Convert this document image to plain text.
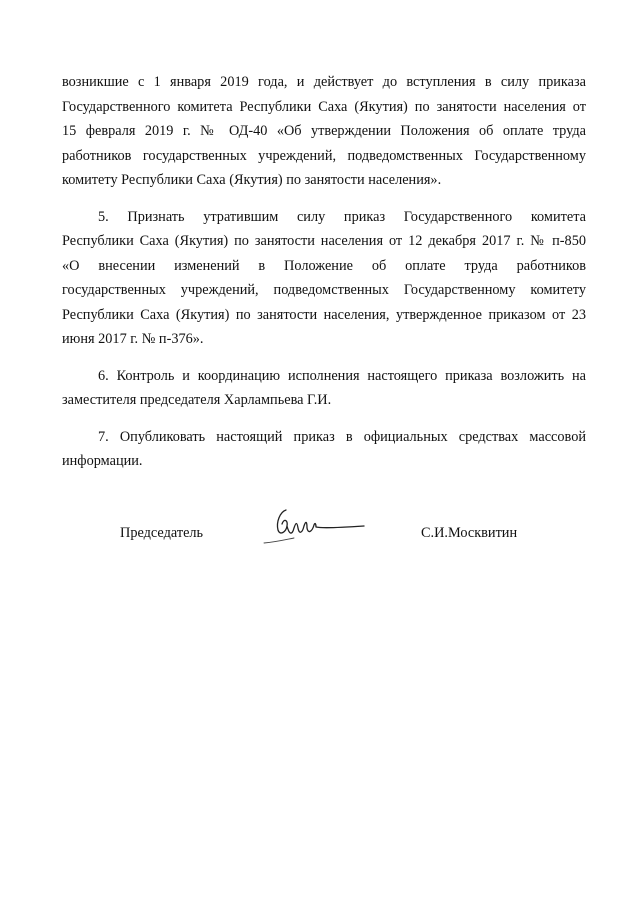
возникшие с 1 января 2019 года, и действует до вступления в силу приказа
Государственного комитета Республики Саха (Якутия) по занятости населения от
15 февраля 2019 г. № ОД-40 «Об утверждении Положения об оплате труда
работников государственных учреждений, подведомственных Государственному
комитету Республики Саха (Якутия) по занятости населения».
5. Признать утратившим силу приказ Государственного комитета
Республики Саха (Якутия) по занятости населения от 12 декабря 2017 г. № п-850
«О внесении изменений в Положение об оплате труда работников
государственных учреждений, подведомственных Государственному комитету
Республики Саха (Якутия) по занятости населения, утвержденное приказом от 23
июня 2017 г. № п-376».
6. Контроль и координацию исполнения настоящего приказа возложить на
заместителя председателя Харлампьева Г.И.
7. Опубликовать настоящий приказ в официальных средствах массовой
информации.
Председатель	С.И.Москвитин
